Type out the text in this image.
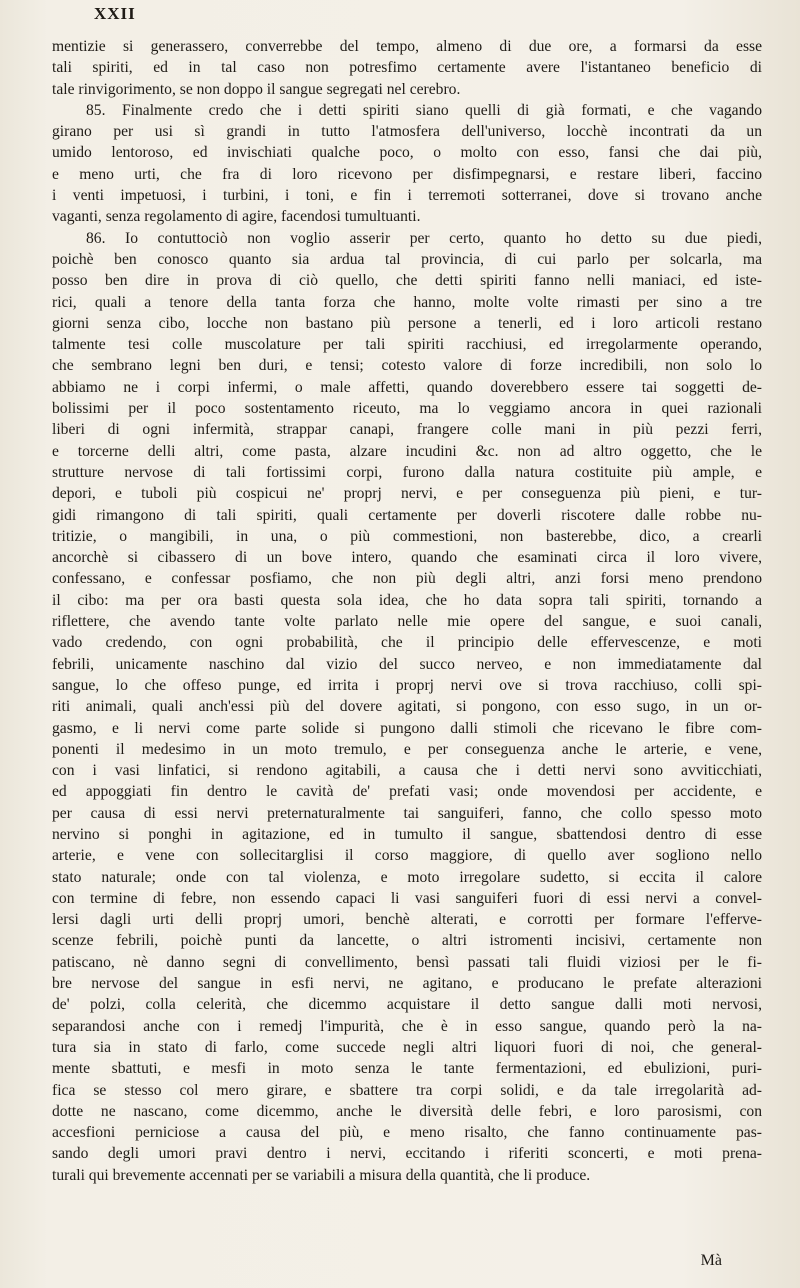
XXII
mentizie si generassero, converrebbe del tempo, almeno di due ore, a formarsi da esse
tali spiriti, ed in tal caso non potresfimo certamente avere l'istantaneo beneficio di
tale rinvigorimento, se non doppo il sangue segregati nel cerebro.
85. Finalmente credo che i detti spiriti siano quelli di già formati, e che vagando
girano per usi sì grandi in tutto l'atmosfera dell'universo, locchè incontrati da un
umido lentoroso, ed invischiati qualche poco, o molto con esso, fansi che dai più,
e meno urti, che fra di loro ricevono per disfimpegnarsi, e restare liberi, faccino
i venti impetuosi, i turbini, i toni, e fin i terremoti sotterranei, dove si trovano anche
vaganti, senza regolamento di agire, facendosi tumultuanti.
86. Io contuttociò non voglio asserir per certo, quanto ho detto su due piedi,
poichè ben conosco quanto sia ardua tal provincia, di cui parlo per solcarla, ma
posso ben dire in prova di ciò quello, che detti spiriti fanno nelli maniaci, ed iste-
rici, quali a tenore della tanta forza che hanno, molte volte rimasti per sino a tre
giorni senza cibo, locche non bastano più persone a tenerli, ed i loro articoli restano
talmente tesi colle muscolature per tali spiriti racchiusi, ed irregolarmente operando,
che sembrano legni ben duri, e tensi; cotesto valore di forze incredibili, non solo lo
abbiamo ne i corpi infermi, o male affetti, quando doverebbero essere tai soggetti de-
bolissimi per il poco sostentamento riceuto, ma lo veggiamo ancora in quei razionali
liberi di ogni infermità, strappar canapi, frangere colle mani in più pezzi ferri,
e torcerne delli altri, come pasta, alzare incudini &c. non ad altro oggetto, che le
strutture nervose di tali fortissimi corpi, furono dalla natura costituite più ample, e
depori, e tuboli più cospicui ne' proprj nervi, e per conseguenza più pieni, e tur-
gidi rimangono di tali spiriti, quali certamente per doverli riscotere dalle robbe nu-
tritizie, o mangibili, in una, o più commestioni, non basterebbe, dico, a crearli
ancorchè si cibassero di un bove intero, quando che esaminati circa il loro vivere,
confessano, e confessar posfiamo, che non più degli altri, anzi forsi meno prendono
il cibo: ma per ora basti questa sola idea, che ho data sopra tali spiriti, tornando a
riflettere, che avendo tante volte parlato nelle mie opere del sangue, e suoi canali,
vado credendo, con ogni probabilità, che il principio delle effervescenze, e moti
febrili, unicamente naschino dal vizio del succo nerveo, e non immediatamente dal
sangue, lo che offeso punge, ed irrita i proprj nervi ove si trova racchiuso, colli spi-
riti animali, quali anch'essi più del dovere agitati, si pongono, con esso sugo, in un or-
gasmo, e li nervi come parte solide si pungono dalli stimoli che ricevano le fibre com-
ponenti il medesimo in un moto tremulo, e per conseguenza anche le arterie, e vene,
con i vasi linfatici, si rendono agitabili, a causa che i detti nervi sono avviticchiati,
ed appoggiati fin dentro le cavità de' prefati vasi; onde movendosi per accidente, e
per causa di essi nervi preternaturalmente tai sanguiferi, fanno, che collo spesso moto
nervino si ponghi in agitazione, ed in tumulto il sangue, sbattendosi dentro di esse
arterie, e vene con sollecitarglisi il corso maggiore, di quello aver sogliono nello
stato naturale; onde con tal violenza, e moto irregolare sudetto, si eccita il calore
con termine di febre, non essendo capaci li vasi sanguiferi fuori di essi nervi a convel-
lersi dagli urti delli proprj umori, benchè alterati, e corrotti per formare l'efferve-
scenze febrili, poichè punti da lancette, o altri istromenti incisivi, certamente non
patiscano, nè danno segni di convellimento, bensì passati tali fluidi viziosi per le fi-
bre nervose del sangue in esfi nervi, ne agitano, e producano le prefate alterazioni
de' polzi, colla celerità, che dicemmo acquistare il detto sangue dalli moti nervosi,
separandosi anche con i remedj l'impurità, che è in esso sangue, quando però la na-
tura sia in stato di farlo, come succede negli altri liquori fuori di noi, che general-
mente sbattuti, e mesfi in moto senza le tante fermentazioni, ed ebulizioni, puri-
fica se stesso col mero girare, e sbattere tra corpi solidi, e da tale irregolarità ad-
dotte ne nascano, come dicemmo, anche le diversità delle febri, e loro parosismi, con
accesfioni perniciose a causa del più, e meno risalto, che fanno continuamente pas-
sando degli umori pravi dentro i nervi, eccitando i riferiti sconcerti, e moti prena-
turali qui brevemente accennati per se variabili a misura della quantità, che li produce.
Mà
